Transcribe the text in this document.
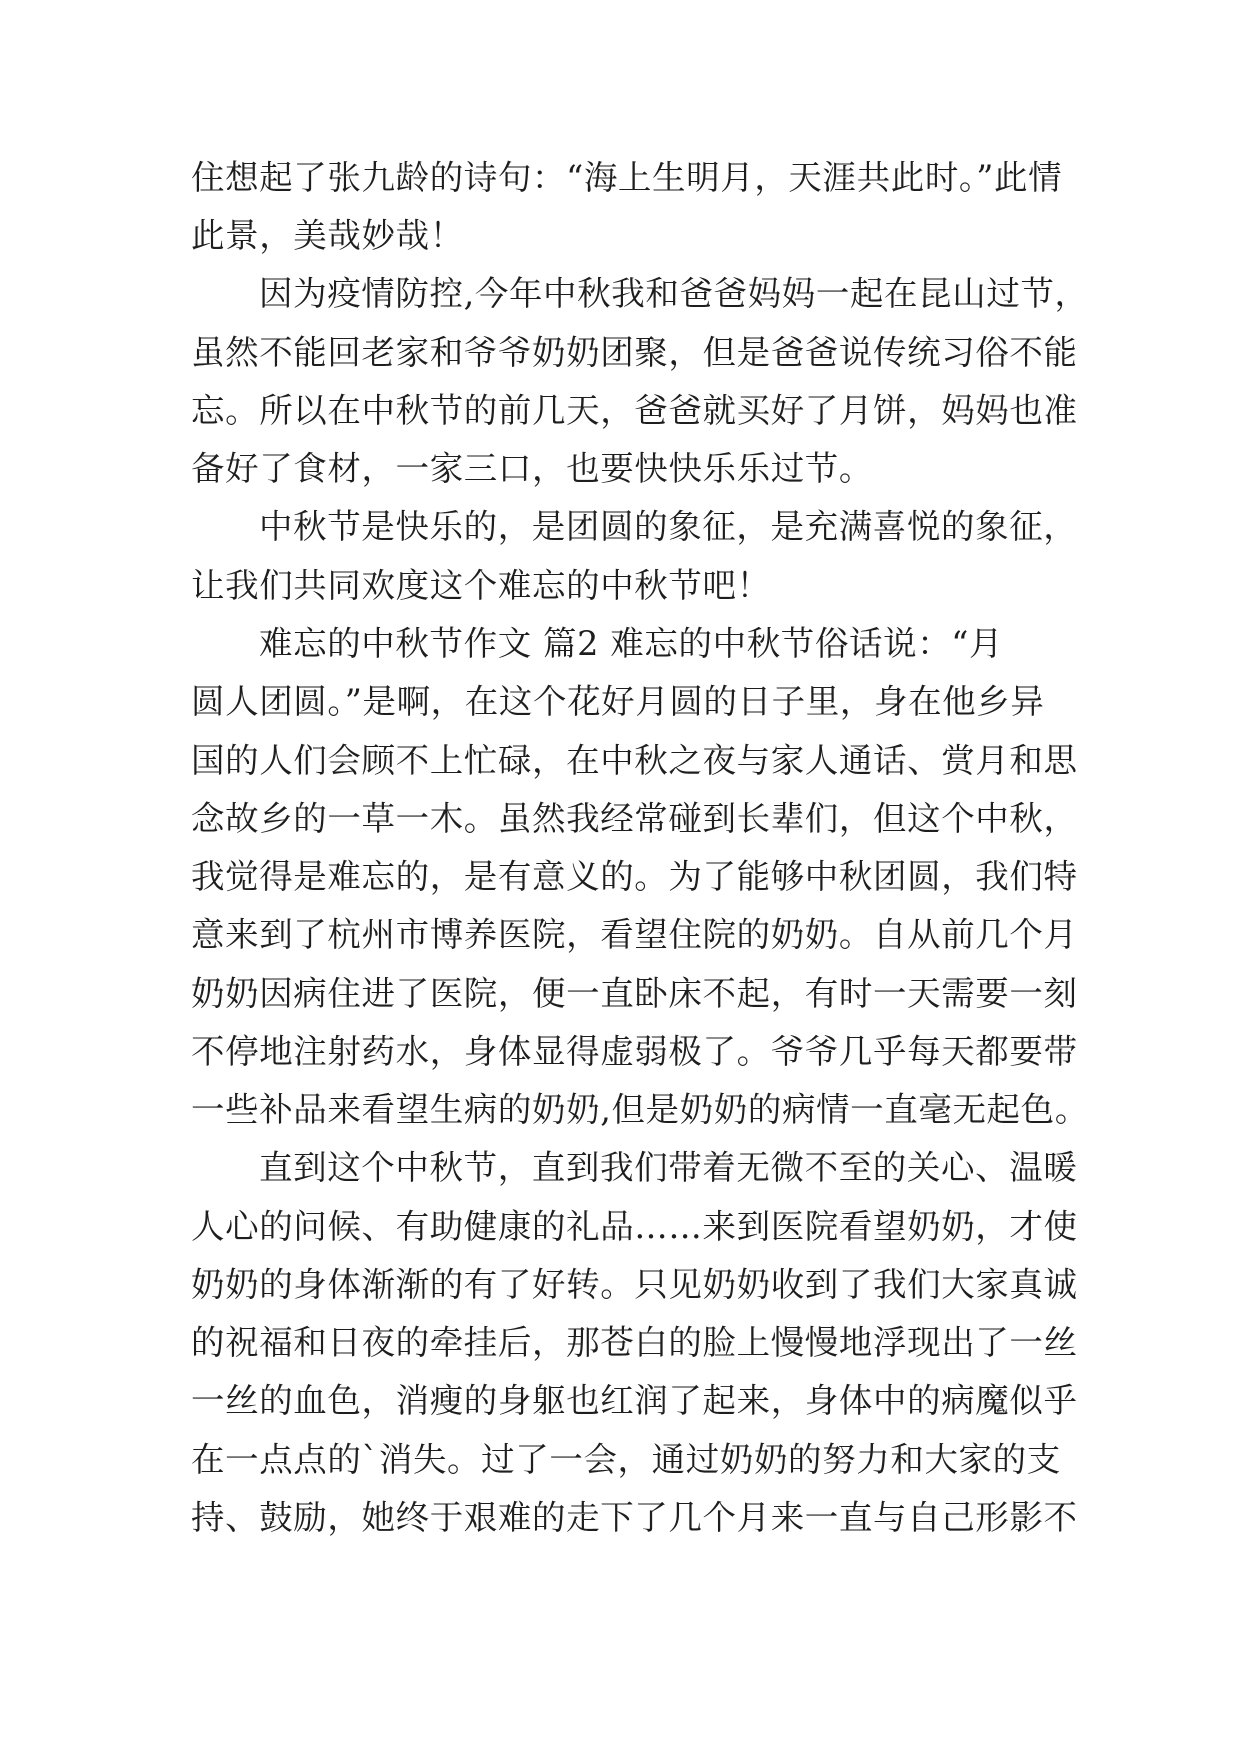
住想起了张九龄的诗句：“海上生明月，天涯共此时。”此情
此景，美哉妙哉！
因为疫情防控,今年中秋我和爸爸妈妈一起在昆山过节，
虽然不能回老家和爷爷奶奶团聚，但是爸爸说传统习俗不能
忘。所以在中秋节的前几天，爸爸就买好了月饼，妈妈也准
备好了食材，一家三口，也要快快乐乐过节。
中秋节是快乐的，是团圆的象征，是充满喜悦的象征，
让我们共同欢度这个难忘的中秋节吧！
难忘的中秋节作文 篇2 难忘的中秋节俗话说：“月
圆人团圆。”是啊，在这个花好月圆的日子里，身在他乡异
国的人们会顾不上忙碌，在中秋之夜与家人通话、赏月和思
念故乡的一草一木。虽然我经常碰到长辈们，但这个中秋，
我觉得是难忘的，是有意义的。为了能够中秋团圆，我们特
意来到了杭州市博养医院，看望住院的奶奶。自从前几个月
奶奶因病住进了医院，便一直卧床不起，有时一天需要一刻
不停地注射药水，身体显得虚弱极了。爷爷几乎每天都要带
一些补品来看望生病的奶奶,但是奶奶的病情一直毫无起色。
直到这个中秋节，直到我们带着无微不至的关心、温暖
人心的问候、有助健康的礼品……来到医院看望奶奶，才使
奶奶的身体渐渐的有了好转。只见奶奶收到了我们大家真诚
的祝福和日夜的牵挂后，那苍白的脸上慢慢地浮现出了一丝
一丝的血色，消瘦的身躯也红润了起来，身体中的病魔似乎
在一点点的`消失。过了一会，通过奶奶的努力和大家的支
持、鼓励，她终于艰难的走下了几个月来一直与自己形影不
